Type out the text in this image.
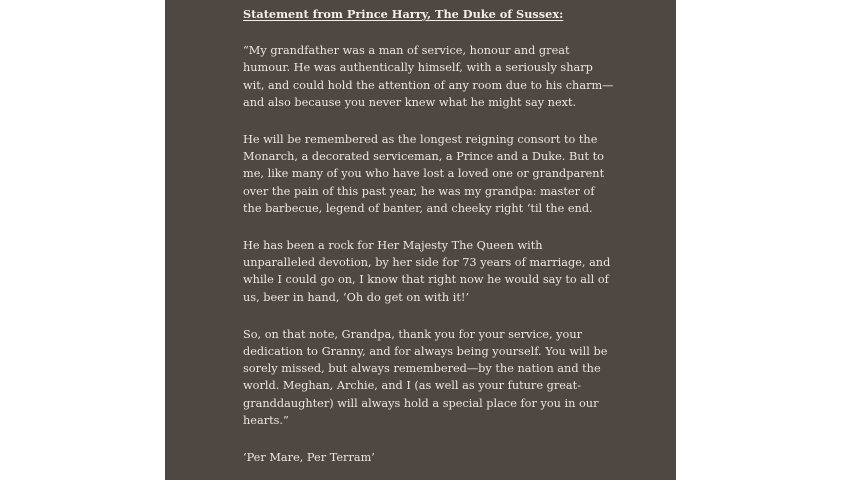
Statement from Prince Harry, The Duke of Sussex:

“My grandfather was a man of service, honour and great humour. He was authentically himself, with a seriously sharp wit, and could hold the attention of any room due to his charm—and also because you never knew what he might say next.

He will be remembered as the longest reigning consort to the Monarch, a decorated serviceman, a Prince and a Duke. But to me, like many of you who have lost a loved one or grandparent over the pain of this past year, he was my grandpa: master of the barbecue, legend of banter, and cheeky right ‘til the end.

He has been a rock for Her Majesty The Queen with unparalleled devotion, by her side for 73 years of marriage, and while I could go on, I know that right now he would say to all of us, beer in hand, ‘Oh do get on with it!’

So, on that note, Grandpa, thank you for your service, your dedication to Granny, and for always being yourself. You will be sorely missed, but always remembered—by the nation and the world. Meghan, Archie, and I (as well as your future great-granddaughter) will always hold a special place for you in our hearts.”

‘Per Mare, Per Terram’
